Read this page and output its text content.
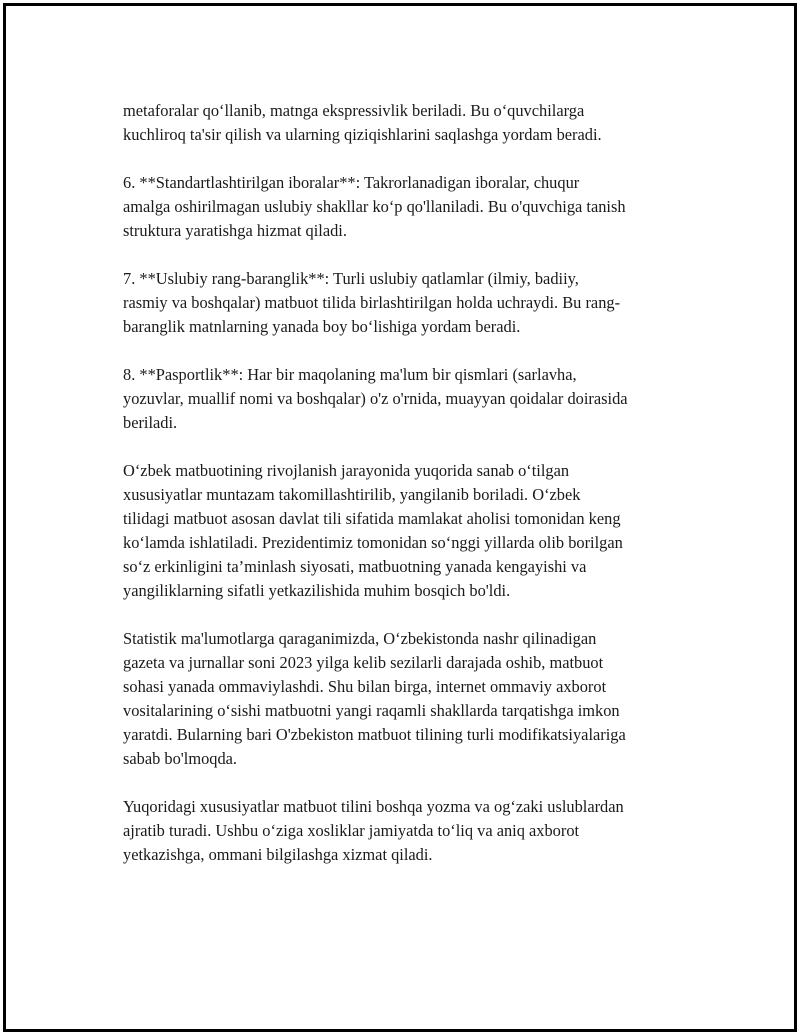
metaforalar qo‘llanib, matnga ekspressivlik beriladi. Bu o‘quvchilarga
kuchliroq ta'sir qilish va ularning qiziqishlarini saqlashga yordam beradi.

6. **Standartlashtirilgan iboralar**: Takrorlanadigan iboralar, chuqur
amalga oshirilmagan uslubiy shakllar ko‘p qo'llaniladi. Bu o'quvchiga tanish
struktura yaratishga hizmat qiladi.

7. **Uslubiy rang-baranglik**: Turli uslubiy qatlamlar (ilmiy, badiiy,
rasmiy va boshqalar) matbuot tilida birlashtirilgan holda uchraydi. Bu rang-
baranglik matnlarning yanada boy bo‘lishiga yordam beradi.

8. **Pasportlik**: Har bir maqolaning ma'lum bir qismlari (sarlavha,
yozuvlar, muallif nomi va boshqalar) o'z o'rnida, muayyan qoidalar doirasida
beriladi.

O‘zbek matbuotining rivojlanish jarayonida yuqorida sanab o‘tilgan
xususiyatlar muntazam takomillashtirilib, yangilanib boriladi. O‘zbek
tilidagi matbuot asosan davlat tili sifatida mamlakat aholisi tomonidan keng
ko‘lamda ishlatiladi. Prezidentimiz tomonidan so‘nggi yillarda olib borilgan
so‘z erkinligini ta’minlash siyosati, matbuotning yanada kengayishi va
yangiliklarning sifatli yetkazilishida muhim bosqich bo'ldi.

Statistik ma'lumotlarga qaraganimizda, O‘zbekistonda nashr qilinadigan
gazeta va jurnallar soni 2023 yilga kelib sezilarli darajada oshib, matbuot
sohasi yanada ommaviylashdi. Shu bilan birga, internet ommaviy axborot
vositalarining o‘sishi matbuotni yangi raqamli shakllarda tarqatishga imkon
yaratdi. Bularning bari O'zbekiston matbuot tilining turli modifikatsiyalariga
sabab bo'lmoqda.

Yuqoridagi xususiyatlar matbuot tilini boshqa yozma va og‘zaki uslublardan
ajratib turadi. Ushbu o‘ziga xosliklar jamiyatda to‘liq va aniq axborot
yetkazishga, ommani bilgilashga xizmat qiladi.
